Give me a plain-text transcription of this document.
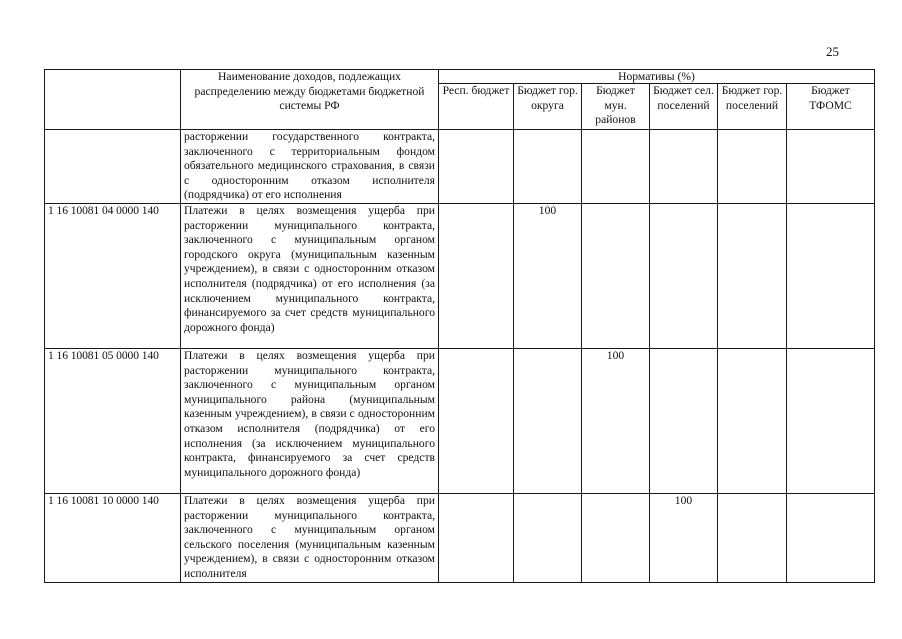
25
	Наименование доходов, подлежащих распределению между бюджетами бюджетной системы РФ	Нормативы (%)					
		Респ. бюджет	Бюджет гор. округа	Бюджет мун. районов	Бюджет сел. поселений	Бюджет гор. поселений	Бюджет ТФОМС
	расторжении государственного контракта, заключенного с территориальным фондом обязательного медицинского страхования, в связи с односторонним отказом исполнителя (подрядчика) от его исполнения						
1 16 10081 04 0000 140	Платежи в целях возмещения ущерба при расторжении муниципального контракта, заключенного с муниципальным органом городского округа (муниципальным казенным учреждением), в связи с односторонним отказом исполнителя (подрядчика) от его исполнения (за исключением муниципального контракта, финансируемого за счет средств муниципального дорожного фонда)		100				
1 16 10081 05 0000 140	Платежи в целях возмещения ущерба при расторжении муниципального контракта, заключенного с муниципальным органом муниципального района (муниципальным казенным учреждением), в связи с односторонним отказом исполнителя (подрядчика) от его исполнения (за исключением муниципального контракта, финансируемого за счет средств муниципального дорожного фонда)			100			
1 16 10081 10 0000 140	Платежи в целях возмещения ущерба при расторжении муниципального контракта, заключенного с муниципальным органом сельского поселения (муниципальным казенным учреждением), в связи с односторонним отказом исполнителя				100		
